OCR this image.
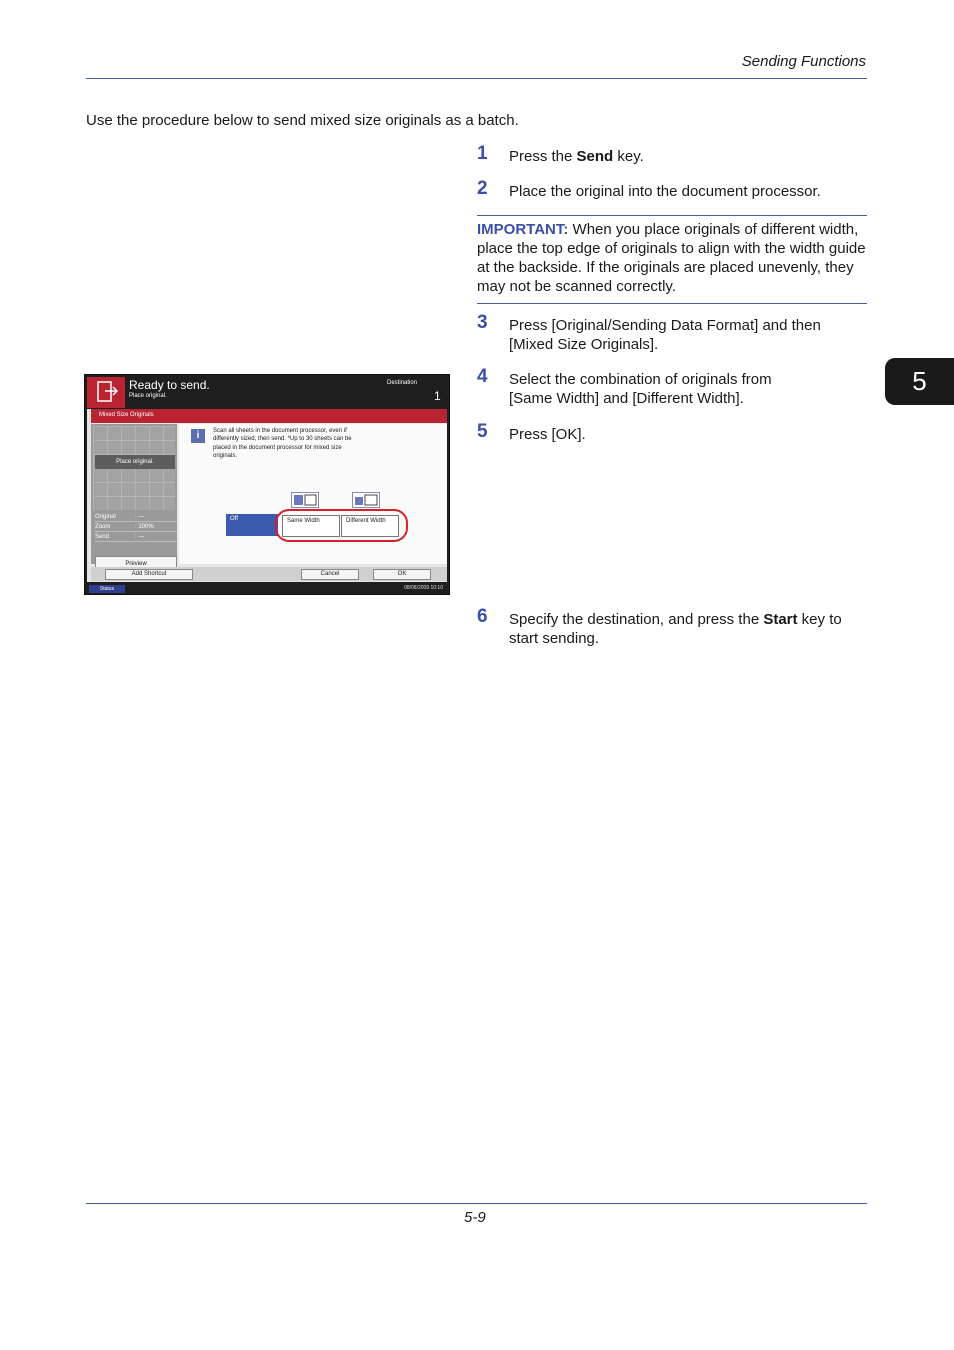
Sending Functions
Use the procedure below to send mixed size originals as a batch.
1 Press the Send key.
2 Place the original into the document processor.
IMPORTANT: When you place originals of different width, place the top edge of originals to align with the width guide at the backside. If the originals are placed unevenly, they may not be scanned correctly.
3 Press [Original/Sending Data Format] and then [Mixed Size Originals].
4 Select the combination of originals from
[Same Width] and [Different Width].
5 Press [OK].
6 Specify the destination, and press the Start key to start sending.
5
Ready to send.
Place original.
Destination
1
Mixed Size Originals
Place original.
Original	: ---
Zoom	: 100%
Send	: ---
Preview
i	Scan all sheets in the document processor, even if differently sized, then send. *Up to 30 sheets can be placed in the document processor for mixed size originals.
Off	Same Width	Different Width
Add Shortcut	Cancel	OK
Status	08/08/2009 10:10
5-9
